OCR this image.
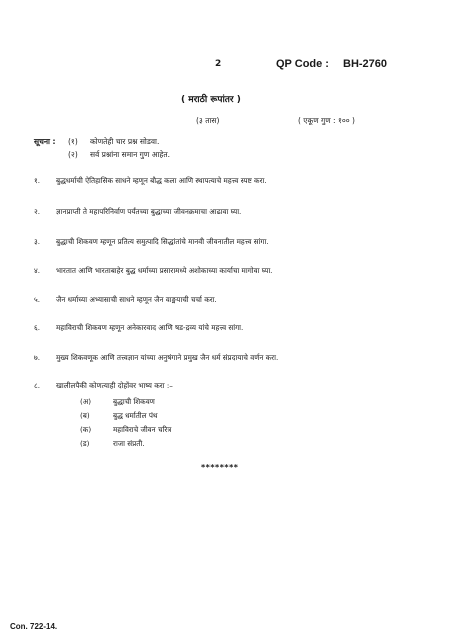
2	QP Code : BH-2760
( मराठी रूपांतर )
(३ तास)	( एकूण गुण : १०० )
सूचना :	(१)	कोणतेही चार प्रश्न सोडवा.
(२)	सर्व प्रश्नांना समान गुण आहेत.
१.	बुद्धधर्माची ऐतिहासिक साधने म्हणून बौद्ध कला आणि स्थापत्याचे महत्त्व स्पष्ट करा.
२.	ज्ञानप्राप्ती ते महापरिनिर्वाण पर्यंतच्या बुद्धाच्या जीवनक्रमाचा आढावा घ्या.
३.	बुद्धाची शिकवण म्हणून प्रतित्य समुत्पादि सिद्धांतांचे मानवी जीवनातील महत्त्व सांगा.
४.	भारतात आणि भारताबाहेर बुद्ध धर्माच्या प्रसारामध्ये अशोकाच्या कार्याचा मागोवा घ्या.
५.	जैन धर्माच्या अभ्यासाची साधने म्हणून जैन वाङ्मयाची चर्चा करा.
६.	महाविराची शिकवण म्हणून अनेकारवाद आणि षड-द्रव्य यांचे महत्त्व सांगा.
७.	मुख्य शिकवणूक आणि तत्त्वज्ञान यांच्या अनुषंगाने प्रमुख जैन धर्म संप्रदायाचे वर्णन करा.
८.	खालीलपैकी कोणत्याही दोहोंवर भाष्य करा :–
(अ)	बुद्धाची शिकवण
(ब)	बुद्ध धर्मातील पंथ
(क)	महाविराचे जीवन चरित्र
(ड)	राजा संप्रती.
********
Con. 722-14.
